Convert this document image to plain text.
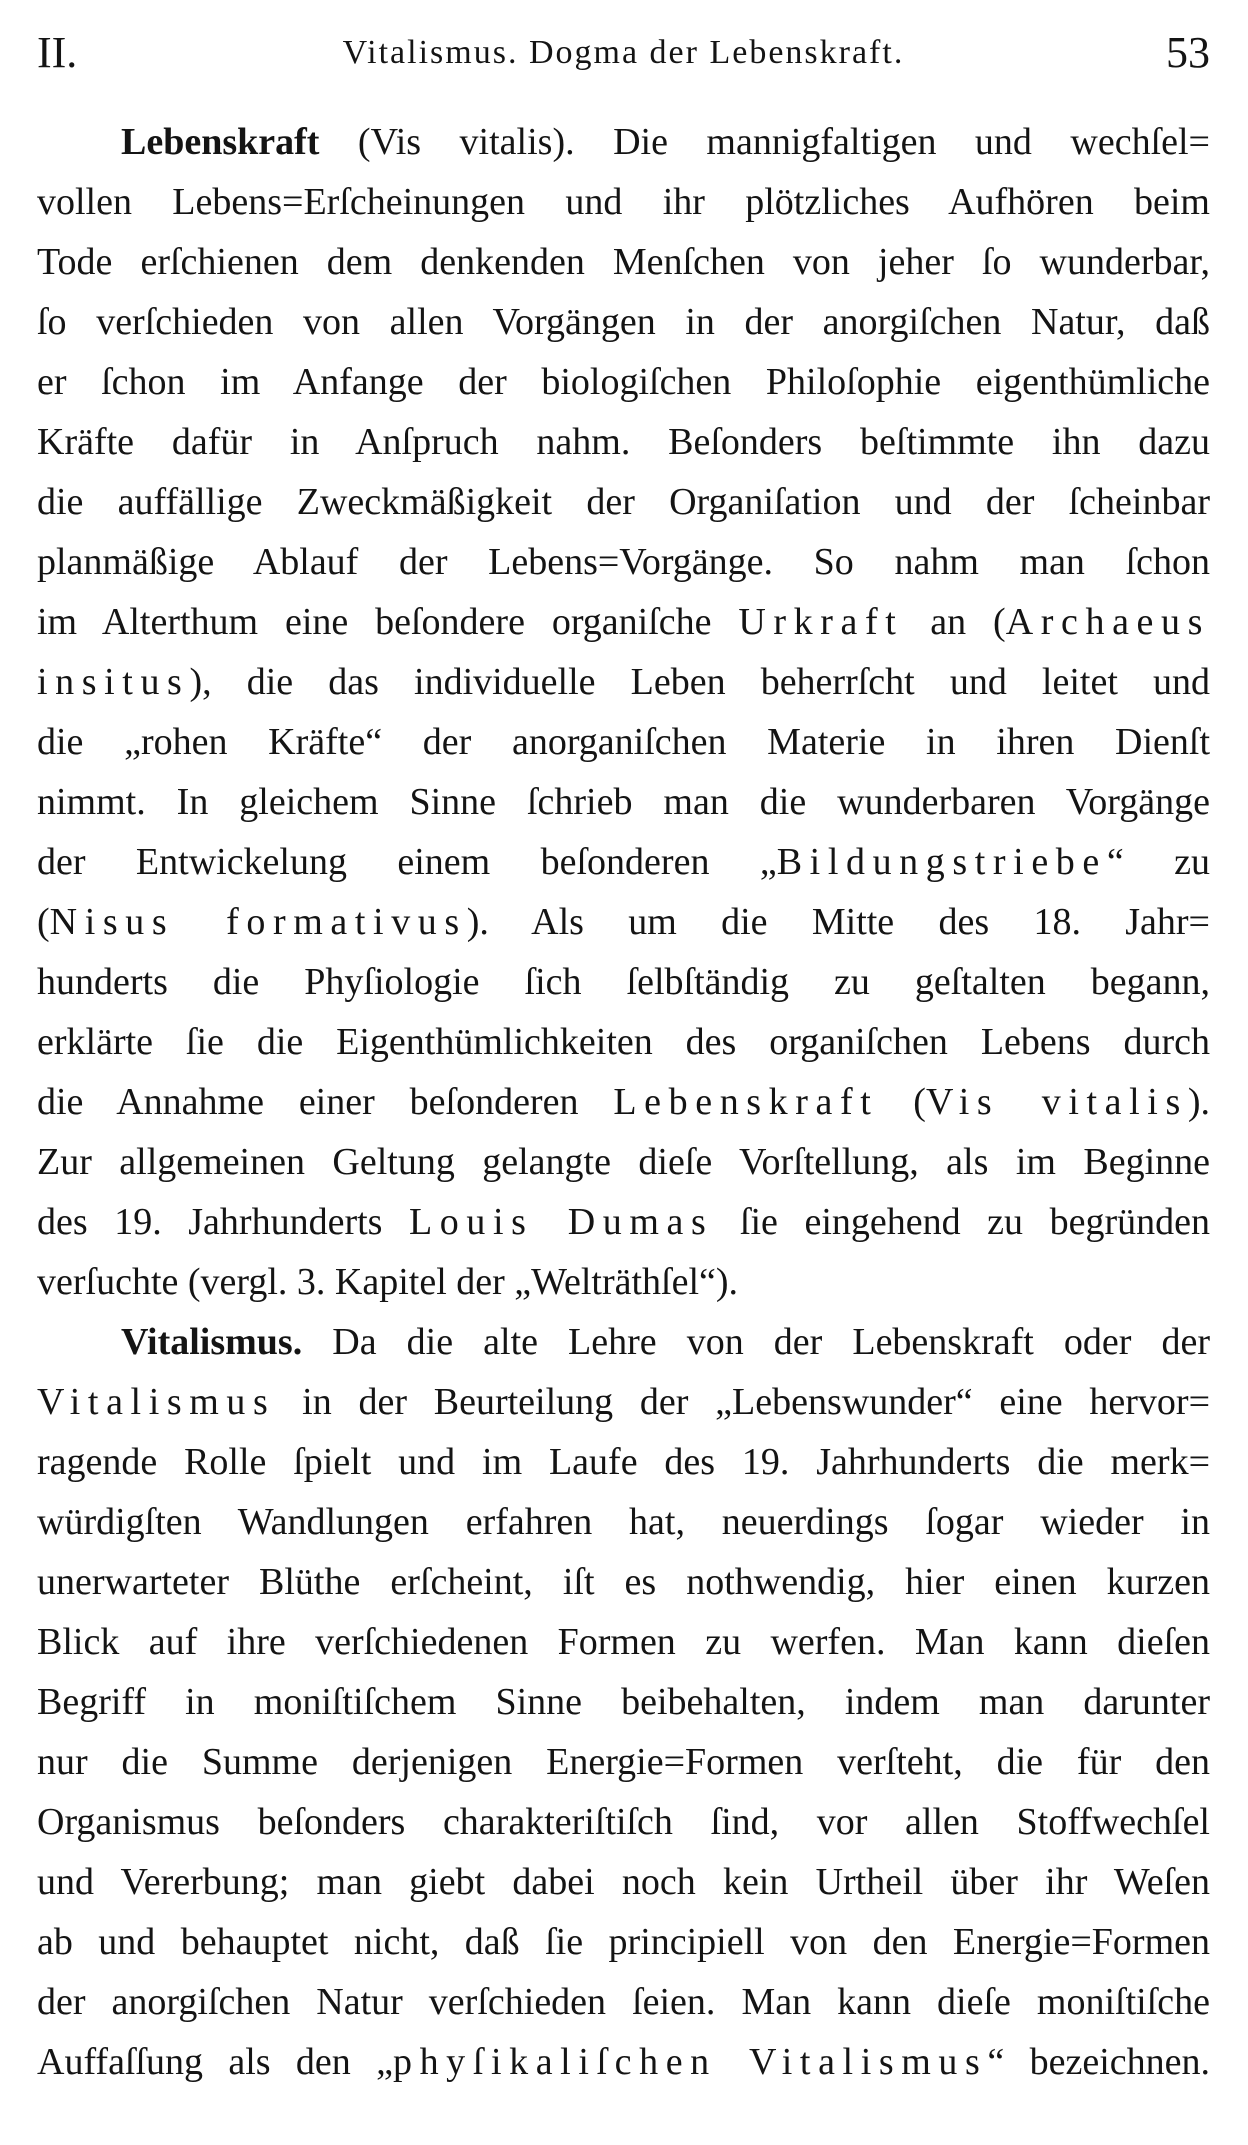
II.	Vitalismus. Dogma der Lebenskraft.	53
Lebenskraft (Vis vitalis). Die mannigfaltigen und wechſel=
vollen Lebens=Erſcheinungen und ihr plötzliches Aufhören beim
Tode erſchienen dem denkenden Menſchen von jeher ſo wunderbar,
ſo verſchieden von allen Vorgängen in der anorgiſchen Natur, daß
er ſchon im Anfange der biologiſchen Philoſophie eigenthümliche
Kräfte dafür in Anſpruch nahm. Beſonders beſtimmte ihn dazu
die auffällige Zweckmäßigkeit der Organiſation und der ſcheinbar
planmäßige Ablauf der Lebens=Vorgänge. So nahm man ſchon
im Alterthum eine beſondere organiſche Urkraft an (Archaeus
insitus), die das individuelle Leben beherrſcht und leitet und
die „rohen Kräfte“ der anorganiſchen Materie in ihren Dienſt
nimmt. In gleichem Sinne ſchrieb man die wunderbaren Vorgänge
der Entwickelung einem beſonderen „Bildungstriebe“ zu
(Nisus formativus). Als um die Mitte des 18. Jahr=
hunderts die Phyſiologie ſich ſelbſtändig zu geſtalten begann,
erklärte ſie die Eigenthümlichkeiten des organiſchen Lebens durch
die Annahme einer beſonderen Lebenskraft (Vis vitalis).
Zur allgemeinen Geltung gelangte dieſe Vorſtellung, als im Beginne
des 19. Jahrhunderts Louis Dumas ſie eingehend zu begründen
verſuchte (vergl. 3. Kapitel der „Welträthſel“).
Vitalismus. Da die alte Lehre von der Lebenskraft oder der
Vitalismus in der Beurteilung der „Lebenswunder“ eine hervor=
ragende Rolle ſpielt und im Laufe des 19. Jahrhunderts die merk=
würdigſten Wandlungen erfahren hat, neuerdings ſogar wieder in
unerwarteter Blüthe erſcheint, iſt es nothwendig, hier einen kurzen
Blick auf ihre verſchiedenen Formen zu werfen. Man kann dieſen
Begriff in moniſtiſchem Sinne beibehalten, indem man darunter
nur die Summe derjenigen Energie=Formen verſteht, die für den
Organismus beſonders charakteriſtiſch ſind, vor allen Stoffwechſel
und Vererbung; man giebt dabei noch kein Urtheil über ihr Weſen
ab und behauptet nicht, daß ſie principiell von den Energie=Formen
der anorgiſchen Natur verſchieden ſeien. Man kann dieſe moniſtiſche
Auffaſſung als den „phyſikaliſchen Vitalismus“ bezeichnen.
